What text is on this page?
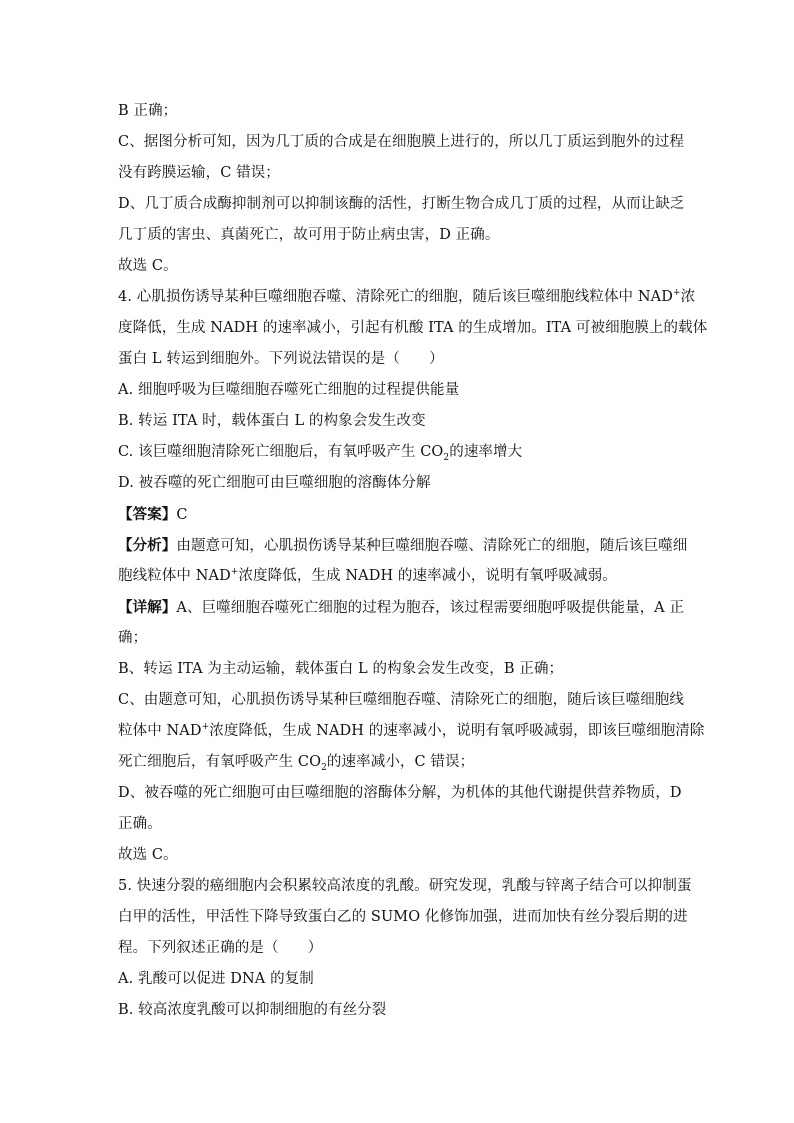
B 正确；
C、据图分析可知，因为几丁质的合成是在细胞膜上进行的，所以几丁质运到胞外的过程
没有跨膜运输，C 错误；
D、几丁质合成酶抑制剂可以抑制该酶的活性，打断生物合成几丁质的过程，从而让缺乏
几丁质的害虫、真菌死亡，故可用于防止病虫害，D 正确。
故选 C。
4. 心肌损伤诱导某种巨噬细胞吞噬、清除死亡的细胞，随后该巨噬细胞线粒体中 NAD+浓
度降低，生成 NADH 的速率减小，引起有机酸 ITA 的生成增加。ITA 可被细胞膜上的载体
蛋白 L 转运到细胞外。下列说法错误的是（　　）
A. 细胞呼吸为巨噬细胞吞噬死亡细胞的过程提供能量
B. 转运 ITA 时，载体蛋白 L 的构象会发生改变
C. 该巨噬细胞清除死亡细胞后，有氧呼吸产生 $CO_2$的速率增大
D. 被吞噬的死亡细胞可由巨噬细胞的溶酶体分解
【答案】C
【分析】由题意可知，心肌损伤诱导某种巨噬细胞吞噬、清除死亡的细胞，随后该巨噬细
胞线粒体中 NAD+浓度降低，生成 NADH 的速率减小，说明有氧呼吸减弱。
【详解】A、巨噬细胞吞噬死亡细胞的过程为胞吞，该过程需要细胞呼吸提供能量，A 正
确；
B、转运 ITA 为主动运输，载体蛋白 L 的构象会发生改变，B 正确；
C、由题意可知，心肌损伤诱导某种巨噬细胞吞噬、清除死亡的细胞，随后该巨噬细胞线
粒体中 NAD+浓度降低，生成 NADH 的速率减小，说明有氧呼吸减弱，即该巨噬细胞清除
死亡细胞后，有氧呼吸产生 $CO_2$的速率减小，C 错误；
D、被吞噬的死亡细胞可由巨噬细胞的溶酶体分解，为机体的其他代谢提供营养物质，D
正确。
故选 C。
5. 快速分裂的癌细胞内会积累较高浓度的乳酸。研究发现，乳酸与锌离子结合可以抑制蛋
白甲的活性，甲活性下降导致蛋白乙的 SUMO 化修饰加强，进而加快有丝分裂后期的进
程。下列叙述正确的是（　　）
A. 乳酸可以促进 DNA 的复制
B. 较高浓度乳酸可以抑制细胞的有丝分裂
